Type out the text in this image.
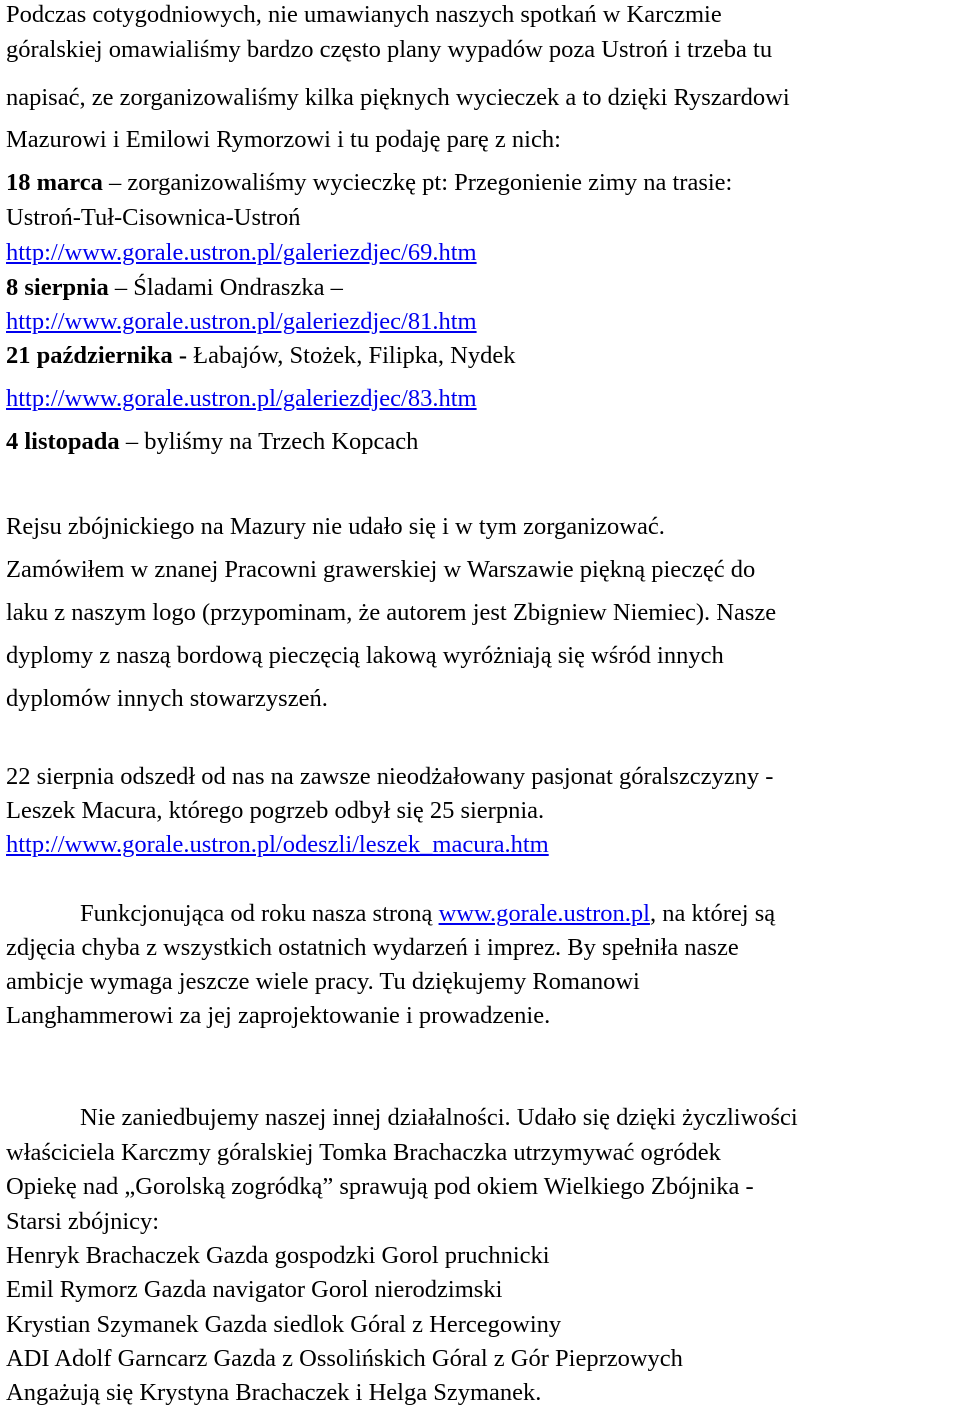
Podczas cotygodniowych, nie umawianych naszych spotkań w Karczmie
góralskiej omawialiśmy bardzo często plany wypadów poza Ustroń i trzeba tu
napisać, ze zorganizowaliśmy kilka pięknych wycieczek a to dzięki Ryszardowi
Mazurowi i Emilowi Rymorzowi i tu podaję parę z nich:
18 marca – zorganizowaliśmy wycieczkę pt: Przegonienie zimy na trasie:
Ustroń-Tuł-Cisownica-Ustroń
http://www.gorale.ustron.pl/galeriezdjec/69.htm
8 sierpnia – Śladami Ondraszka –
http://www.gorale.ustron.pl/galeriezdjec/81.htm
21 października - Łabajów, Stożek, Filipka, Nydek
http://www.gorale.ustron.pl/galeriezdjec/83.htm
4 listopada – byliśmy na Trzech Kopcach
Rejsu zbójnickiego na Mazury nie udało się i w tym zorganizować.
Zamówiłem w znanej Pracowni grawerskiej w Warszawie piękną pieczęć do
laku z naszym logo (przypominam, że autorem jest Zbigniew Niemiec). Nasze
dyplomy z naszą bordową pieczęcią lakową wyróżniają się wśród innych
dyplomów innych stowarzyszeń.
22 sierpnia odszedł od nas na zawsze nieodżałowany pasjonat góralszczyzny -
Leszek Macura, którego pogrzeb odbył się 25 sierpnia.
http://www.gorale.ustron.pl/odeszli/leszek_macura.htm
Funkcjonująca od roku nasza stroną www.gorale.ustron.pl, na której są
zdjęcia chyba z wszystkich ostatnich wydarzeń i imprez. By spełniła nasze
ambicje wymaga jeszcze wiele pracy. Tu dziękujemy Romanowi
Langhammerowi za jej zaprojektowanie i prowadzenie.
Nie zaniedbujemy naszej innej działalności. Udało się dzięki życzliwości
właściciela Karczmy góralskiej Tomka Brachaczka utrzymywać ogródek
Opiekę nad „Gorolską zogródką” sprawują pod okiem Wielkiego Zbójnika -
Starsi zbójnicy:
Henryk Brachaczek Gazda gospodzki Gorol pruchnicki
Emil Rymorz Gazda navigator Gorol nierodzimski
Krystian Szymanek Gazda siedlok Góral z Hercegowiny
ADI Adolf Garncarz Gazda z Ossolińskich Góral z Gór Pieprzowych
Angażują się Krystyna Brachaczek i Helga Szymanek.
